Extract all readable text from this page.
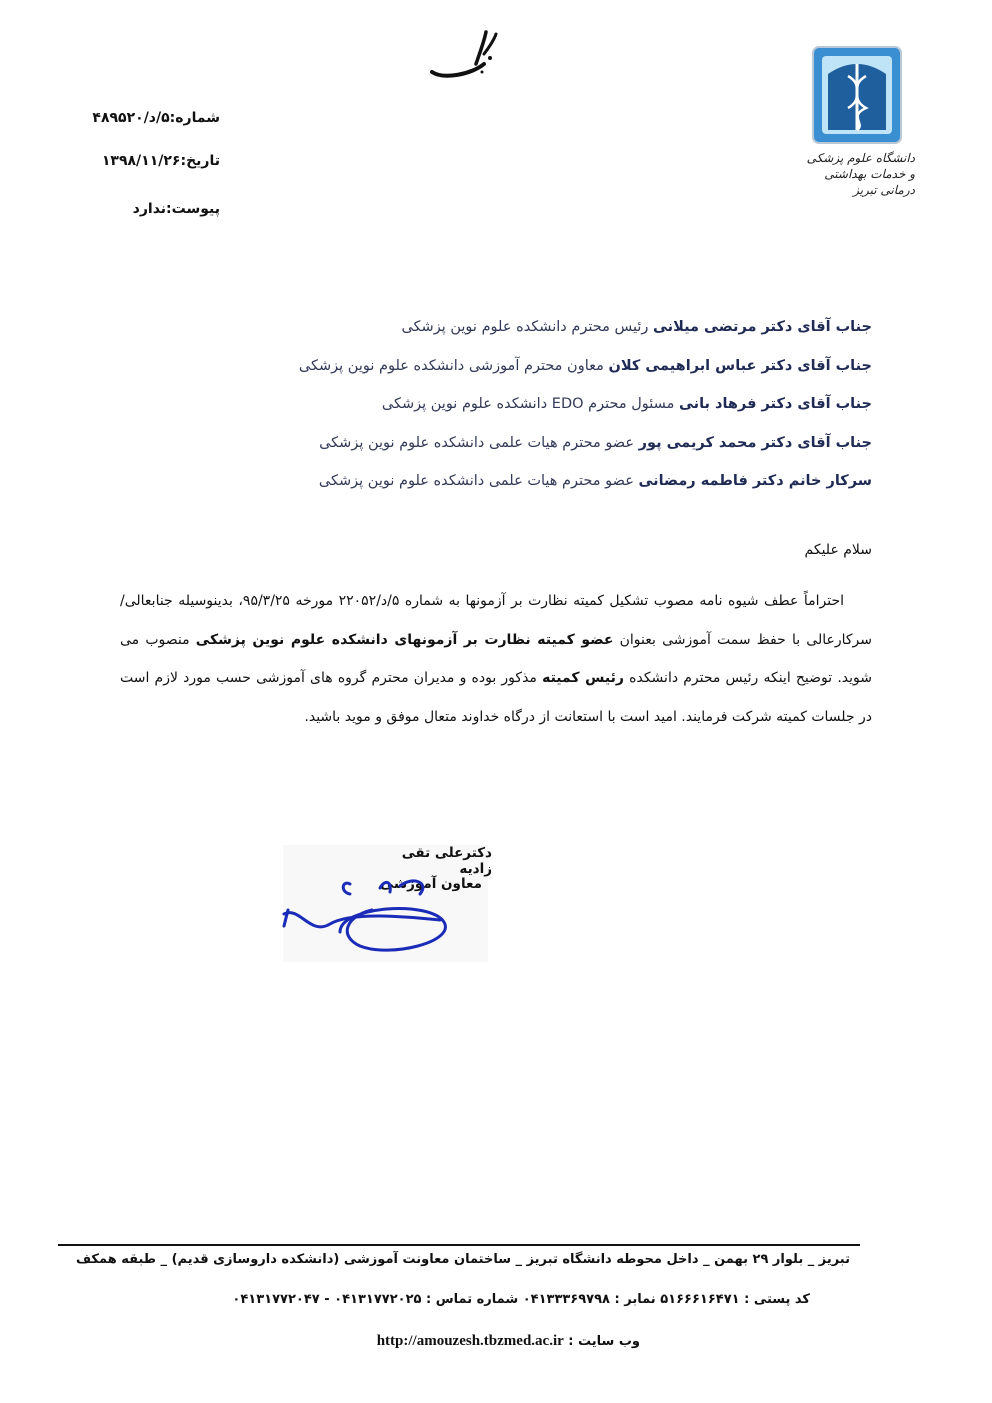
دانشگاه علوم پزشکی
و خدمات بهداشتی درمانی تبریز
شماره:۵/د/۴۸۹۵۲۰
تاریخ:۱۳۹۸/۱۱/۲۶
پیوست:ندارد
جناب آقای دکتر مرتضی میلانی رئیس محترم دانشکده علوم نوین پزشکی
جناب آقای دکتر عباس ابراهیمی کلان معاون محترم آموزشی دانشکده علوم نوین پزشکی
جناب آقای دکتر فرهاد بانی مسئول محترم EDO دانشکده علوم نوین پزشکی
جناب آقای دکتر محمد کریمی پور عضو محترم هیات علمی دانشکده علوم نوین پزشکی
سرکار خانم دکتر فاطمه رمضانی عضو محترم هیات علمی دانشکده علوم نوین پزشکی
سلام علیکم

احتراماً عطف شیوه نامه مصوب تشکیل کمیته نظارت بر آزمونها به شماره ۵/د/۲۲۰۵۲ مورخه ۹۵/۳/۲۵، بدینوسیله جنابعالی/سرکارعالی با حفظ سمت آموزشی بعنوان عضو کمیته نظارت بر آزمونهای دانشکده علوم نوین پزشکی منصوب می شوید. توضیح اینکه رئیس محترم دانشکده رئیس کمیته مذکور بوده و مدیران محترم گروه های آموزشی حسب مورد لازم است در جلسات کمیته شرکت فرمایند. امید است با استعانت از درگاه خداوند متعال موفق و موید باشید.

دکترعلی تقی زادیه
معاون آموزشی
تبریز _ بلوار ۲۹ بهمن _ داخل محوطه دانشگاه تبریز _ ساختمان معاونت آموزشی (دانشکده داروسازی قدیم) _ طبقه همکف
کد پستی : ۵۱۶۶۶۱۶۴۷۱ نمابر : ۰۴۱۳۳۳۶۹۷۹۸ شماره تماس : ۰۴۱۳۱۷۷۲۰۲۵ - ۰۴۱۳۱۷۷۲۰۴۷
وب سایت : http://amouzesh.tbzmed.ac.ir
